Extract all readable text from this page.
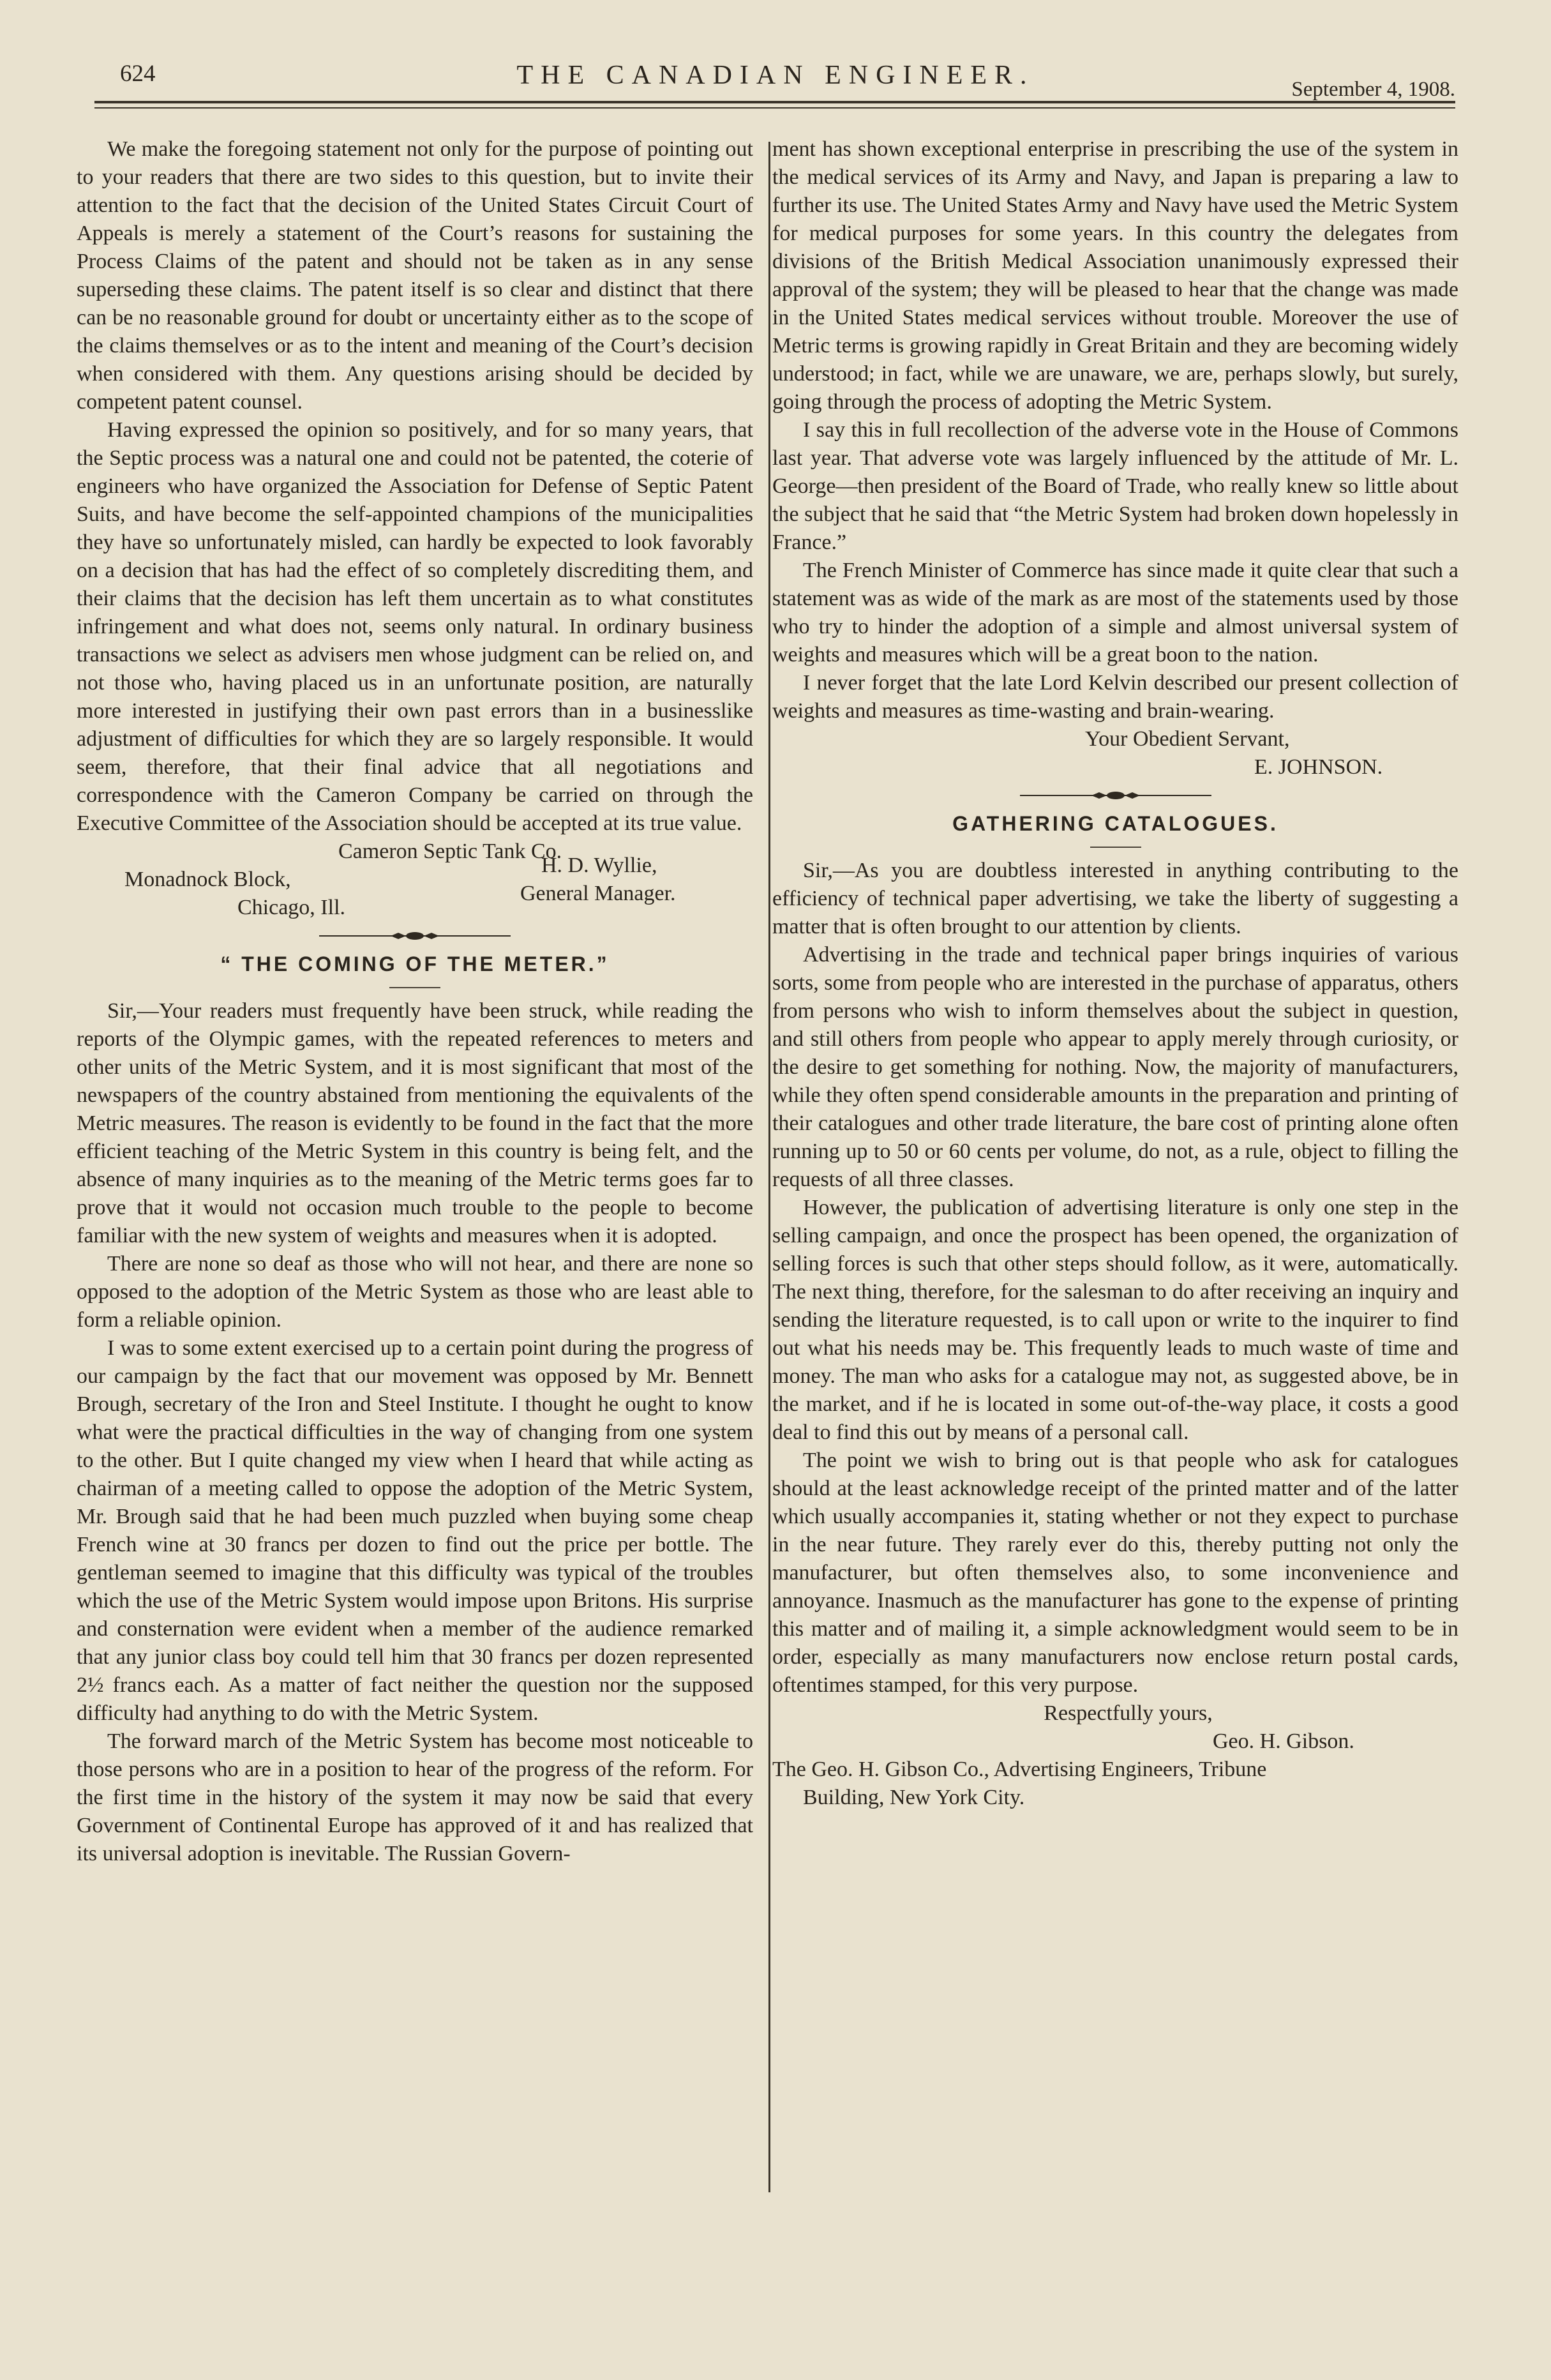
624	THE CANADIAN ENGINEER.	September 4, 1908.

We make the foregoing statement not only for the purpose of pointing out to your readers that there are two sides to this question, but to invite their attention to the fact that the decision of the United States Circuit Court of Appeals is merely a statement of the Court’s reasons for sustaining the Process Claims of the patent and should not be taken as in any sense superseding these claims. The patent itself is so clear and distinct that there can be no reasonable ground for doubt or uncertainty either as to the scope of the claims themselves or as to the intent and meaning of the Court’s decision when considered with them. Any questions arising should be decided by competent patent counsel.

Having expressed the opinion so positively, and for so many years, that the Septic process was a natural one and could not be patented, the coterie of engineers who have organized the Association for Defense of Septic Patent Suits, and have become the self-appointed champions of the municipalities they have so unfortunately misled, can hardly be expected to look favorably on a decision that has had the effect of so completely discrediting them, and their claims that the decision has left them uncertain as to what constitutes infringement and what does not, seems only natural. In ordinary business transactions we select as advisers men whose judgment can be relied on, and not those who, having placed us in an unfortunate position, are naturally more interested in justifying their own past errors than in a businesslike adjustment of difficulties for which they are so largely responsible. It would seem, therefore, that their final advice that all negotiations and correspondence with the Cameron Company be carried on through the Executive Committee of the Association should be accepted at its true value.

Cameron Septic Tank Co.

Monadnock Block,
Chicago, Ill.
H. D. Wyllie,
General Manager.

“ THE COMING OF THE METER.”

Sir,—Your readers must frequently have been struck, while reading the reports of the Olympic games, with the repeated references to meters and other units of the Metric System, and it is most significant that most of the newspapers of the country abstained from mentioning the equivalents of the Metric measures. The reason is evidently to be found in the fact that the more efficient teaching of the Metric System in this country is being felt, and the absence of many inquiries as to the meaning of the Metric terms goes far to prove that it would not occasion much trouble to the people to become familiar with the new system of weights and measures when it is adopted.

There are none so deaf as those who will not hear, and there are none so opposed to the adoption of the Metric System as those who are least able to form a reliable opinion.

I was to some extent exercised up to a certain point during the progress of our campaign by the fact that our movement was opposed by Mr. Bennett Brough, secretary of the Iron and Steel Institute. I thought he ought to know what were the practical difficulties in the way of changing from one system to the other. But I quite changed my view when I heard that while acting as chairman of a meeting called to oppose the adoption of the Metric System, Mr. Brough said that he had been much puzzled when buying some cheap French wine at 30 francs per dozen to find out the price per bottle. The gentleman seemed to imagine that this difficulty was typical of the troubles which the use of the Metric System would impose upon Britons. His surprise and consternation were evident when a member of the audience remarked that any junior class boy could tell him that 30 francs per dozen represented 2½ francs each. As a matter of fact neither the question nor the supposed difficulty had anything to do with the Metric System.

The forward march of the Metric System has become most noticeable to those persons who are in a position to hear of the progress of the reform. For the first time in the history of the system it may now be said that every Government of Continental Europe has approved of it and has realized that its universal adoption is inevitable. The Russian Govern-

ment has shown exceptional enterprise in prescribing the use of the system in the medical services of its Army and Navy, and Japan is preparing a law to further its use. The United States Army and Navy have used the Metric System for medical purposes for some years. In this country the delegates from divisions of the British Medical Association unanimously expressed their approval of the system; they will be pleased to hear that the change was made in the United States medical services without trouble. Moreover the use of Metric terms is growing rapidly in Great Britain and they are becoming widely understood; in fact, while we are unaware, we are, perhaps slowly, but surely, going through the process of adopting the Metric System.

I say this in full recollection of the adverse vote in the House of Commons last year. That adverse vote was largely influenced by the attitude of Mr. L. George—then president of the Board of Trade, who really knew so little about the subject that he said that “the Metric System had broken down hopelessly in France.”

The French Minister of Commerce has since made it quite clear that such a statement was as wide of the mark as are most of the statements used by those who try to hinder the adoption of a simple and almost universal system of weights and measures which will be a great boon to the nation.

I never forget that the late Lord Kelvin described our present collection of weights and measures as time-wasting and brain-wearing.

Your Obedient Servant,

E. JOHNSON.

GATHERING CATALOGUES.

Sir,—As you are doubtless interested in anything contributing to the efficiency of technical paper advertising, we take the liberty of suggesting a matter that is often brought to our attention by clients.

Advertising in the trade and technical paper brings inquiries of various sorts, some from people who are interested in the purchase of apparatus, others from persons who wish to inform themselves about the subject in question, and still others from people who appear to apply merely through curiosity, or the desire to get something for nothing. Now, the majority of manufacturers, while they often spend considerable amounts in the preparation and printing of their catalogues and other trade literature, the bare cost of printing alone often running up to 50 or 60 cents per volume, do not, as a rule, object to filling the requests of all three classes.

However, the publication of advertising literature is only one step in the selling campaign, and once the prospect has been opened, the organization of selling forces is such that other steps should follow, as it were, automatically. The next thing, therefore, for the salesman to do after receiving an inquiry and sending the literature requested, is to call upon or write to the inquirer to find out what his needs may be. This frequently leads to much waste of time and money. The man who asks for a catalogue may not, as suggested above, be in the market, and if he is located in some out-of-the-way place, it costs a good deal to find this out by means of a personal call.

The point we wish to bring out is that people who ask for catalogues should at the least acknowledge receipt of the printed matter and of the latter which usually accompanies it, stating whether or not they expect to purchase in the near future. They rarely ever do this, thereby putting not only the manufacturer, but often themselves also, to some inconvenience and annoyance. Inasmuch as the manufacturer has gone to the expense of printing this matter and of mailing it, a simple acknowledgment would seem to be in order, especially as many manufacturers now enclose return postal cards, oftentimes stamped, for this very purpose.

Respectfully yours,

Geo. H. Gibson.

The Geo. H. Gibson Co., Advertising Engineers, Tribune

Building, New York City.
